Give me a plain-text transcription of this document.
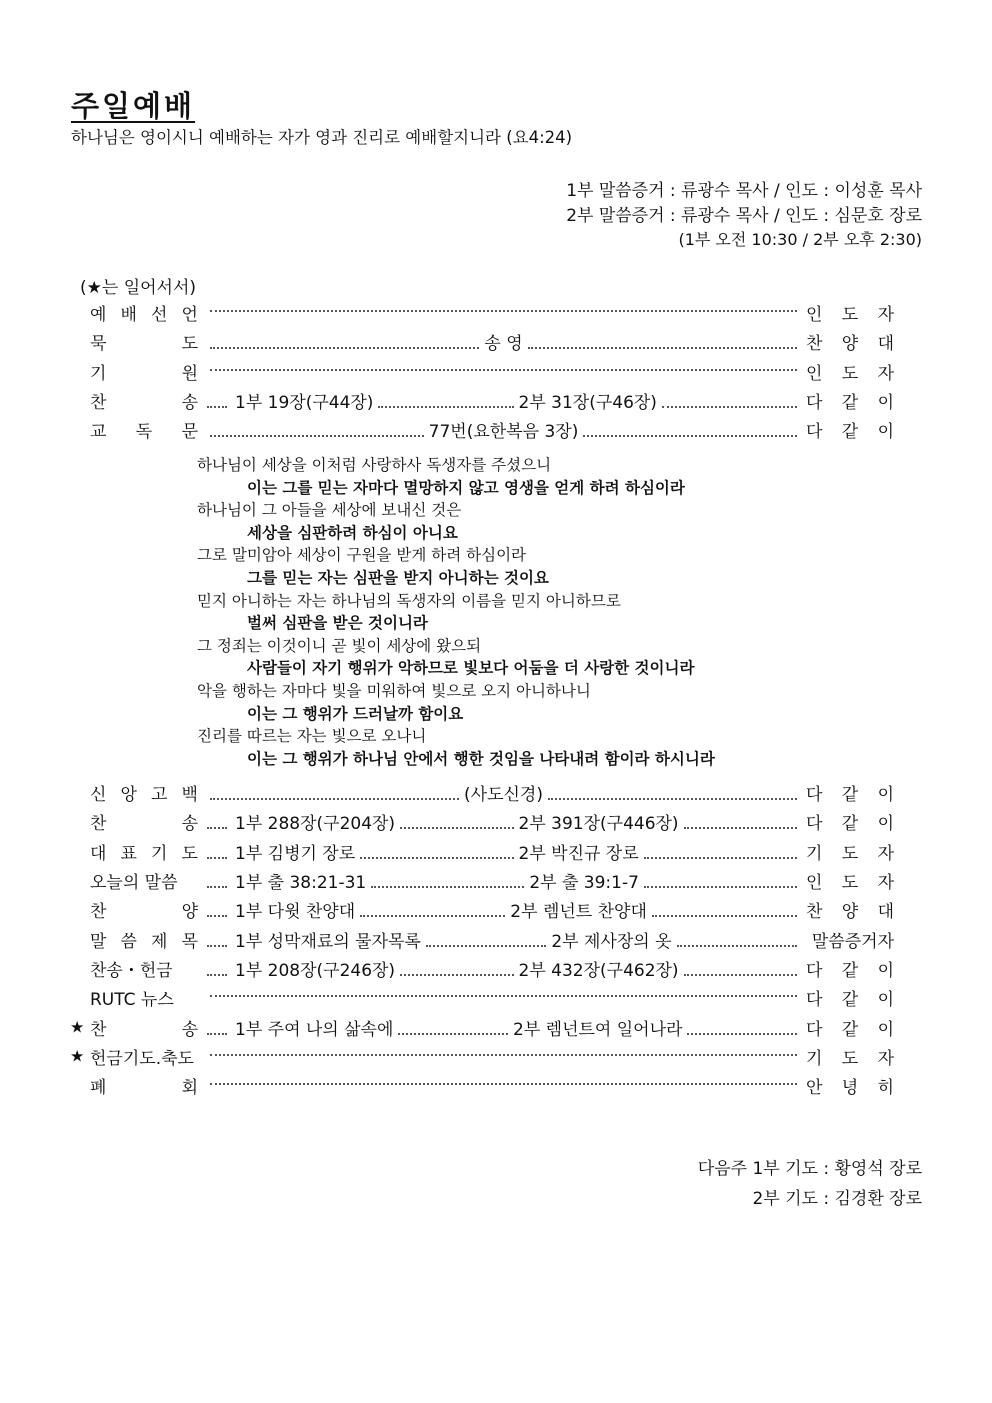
주일예배

하나님은 영이시니 예배하는 자가 영과 진리로 예배할지니라 (요4:24)

1부 말씀증거 : 류광수 목사 / 인도 : 이성훈 목사
2부 말씀증거 : 류광수 목사 / 인도 : 심문호 장로
(1부 오전 10:30 / 2부 오후 2:30)
(★는 일어서서)
예 배 선 언	인 도 자
묵	도	송 영	찬 양 대
기	원	인 도 자
찬	송 1부 19장(구44장)	2부 31장(구46장)	다 같 이
교 독 문	77번(요한복음 3장)	다 같 이
하나님이 세상을 이처럼 사랑하사 독생자를 주셨으니
이는 그를 믿는 자마다 멸망하지 않고 영생을 얻게 하려 하심이라
하나님이 그 아들을 세상에 보내신 것은
세상을 심판하려 하심이 아니요
그로 말미암아 세상이 구원을 받게 하려 하심이라
그를 믿는 자는 심판을 받지 아니하는 것이요
믿지 아니하는 자는 하나님의 독생자의 이름을 믿지 아니하므로
벌써 심판을 받은 것이니라
그 정죄는 이것이니 곧 빛이 세상에 왔으되
사람들이 자기 행위가 악하므로 빛보다 어둠을 더 사랑한 것이니라
악을 행하는 자마다 빛을 미워하여 빛으로 오지 아니하나니
이는 그 행위가 드러날까 함이요
진리를 따르는 자는 빛으로 오나니
이는 그 행위가 하나님 안에서 행한 것임을 나타내려 함이라 하시니라
신 앙 고 백	(사도신경)	다 같 이
찬	송 1부 288장(구204장)	2부 391장(구446장)	다 같 이
대 표 기 도 1부 김병기 장로	2부 박진규 장로	기 도 자
오늘의 말씀	1부 출 38:21-31	2부 출 39:1-7	인 도 자
찬	양 1부 다윗 찬양대	2부 렘넌트 찬양대	찬 양 대
말 씀 제 목 1부 성막재료의 물자목록	2부 제사장의 옷	말씀증거자
찬송・헌금	1부 208장(구246장)	2부 432장(구462장)	다 같 이
RUTC 뉴스	다 같 이
★ 찬	송 1부 주여 나의 삶속에	2부 렘넌트여 일어나라	다 같 이
★ 헌금기도.축도	기 도 자
폐	회	안 녕 히
다음주 1부 기도 : 황영석 장로
2부 기도 : 김경환 장로
